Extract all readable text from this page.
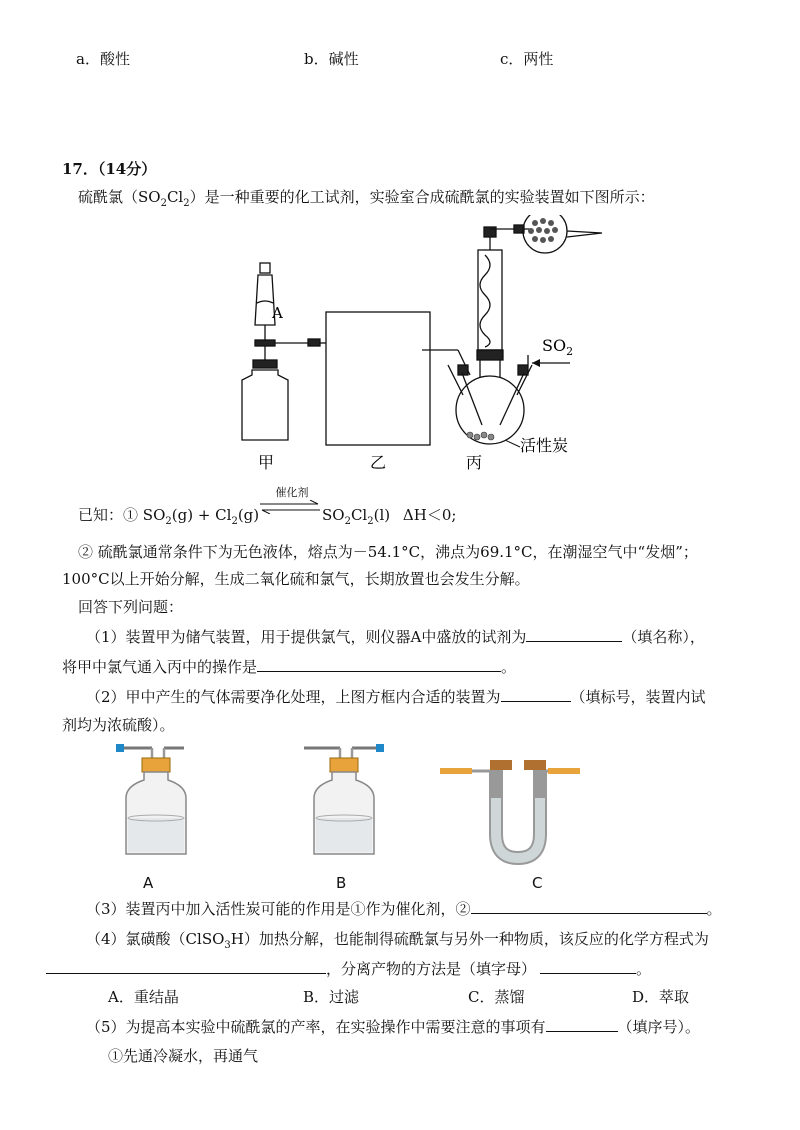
a．酸性	b．碱性	c．两性
17．（14分）
硫酰氯$(SO_2Cl_2)$是一种重要的化工试剂，实验室合成硫酰氯的实验装置如下图所示：
A
$SO_2$
活性炭
甲	乙	丙
已知：① $SO_2(g) + Cl_2(g)$
催化剂
$SO_2Cl_2(l)$ ΔH＜0;
② 硫酰氯通常条件下为无色液体，熔点为－54.1°C，沸点为69.1°C，在潮湿空气中“发烟”；
100°C以上开始分解，生成二氧化硫和氯气，长期放置也会发生分解。
回答下列问题：
（1）装置甲为储气装置，用于提供氯气，则仪器A中盛放的试剂为	（填名称），
将甲中氯气通入丙中的操作是	。
（2）甲中产生的气体需要净化处理，上图方框内合适的装置为	（填标号，装置内试
剂均为浓硫酸）。
A	B	C
（3）装置丙中加入活性炭可能的作用是①作为催化剂，②	。
（4）氯磺酸（ClSO$_3$H）加热分解，也能制得硫酰氯与另外一种物质，该反应的化学方程式为
，分离产物的方法是（填字母）	。
A．重结晶	B．过滤	C．蒸馏	D．萃取
（5）为提高本实验中硫酰氯的产率，在实验操作中需要注意的事项有	（填序号）。
①先通冷凝水，再通气
